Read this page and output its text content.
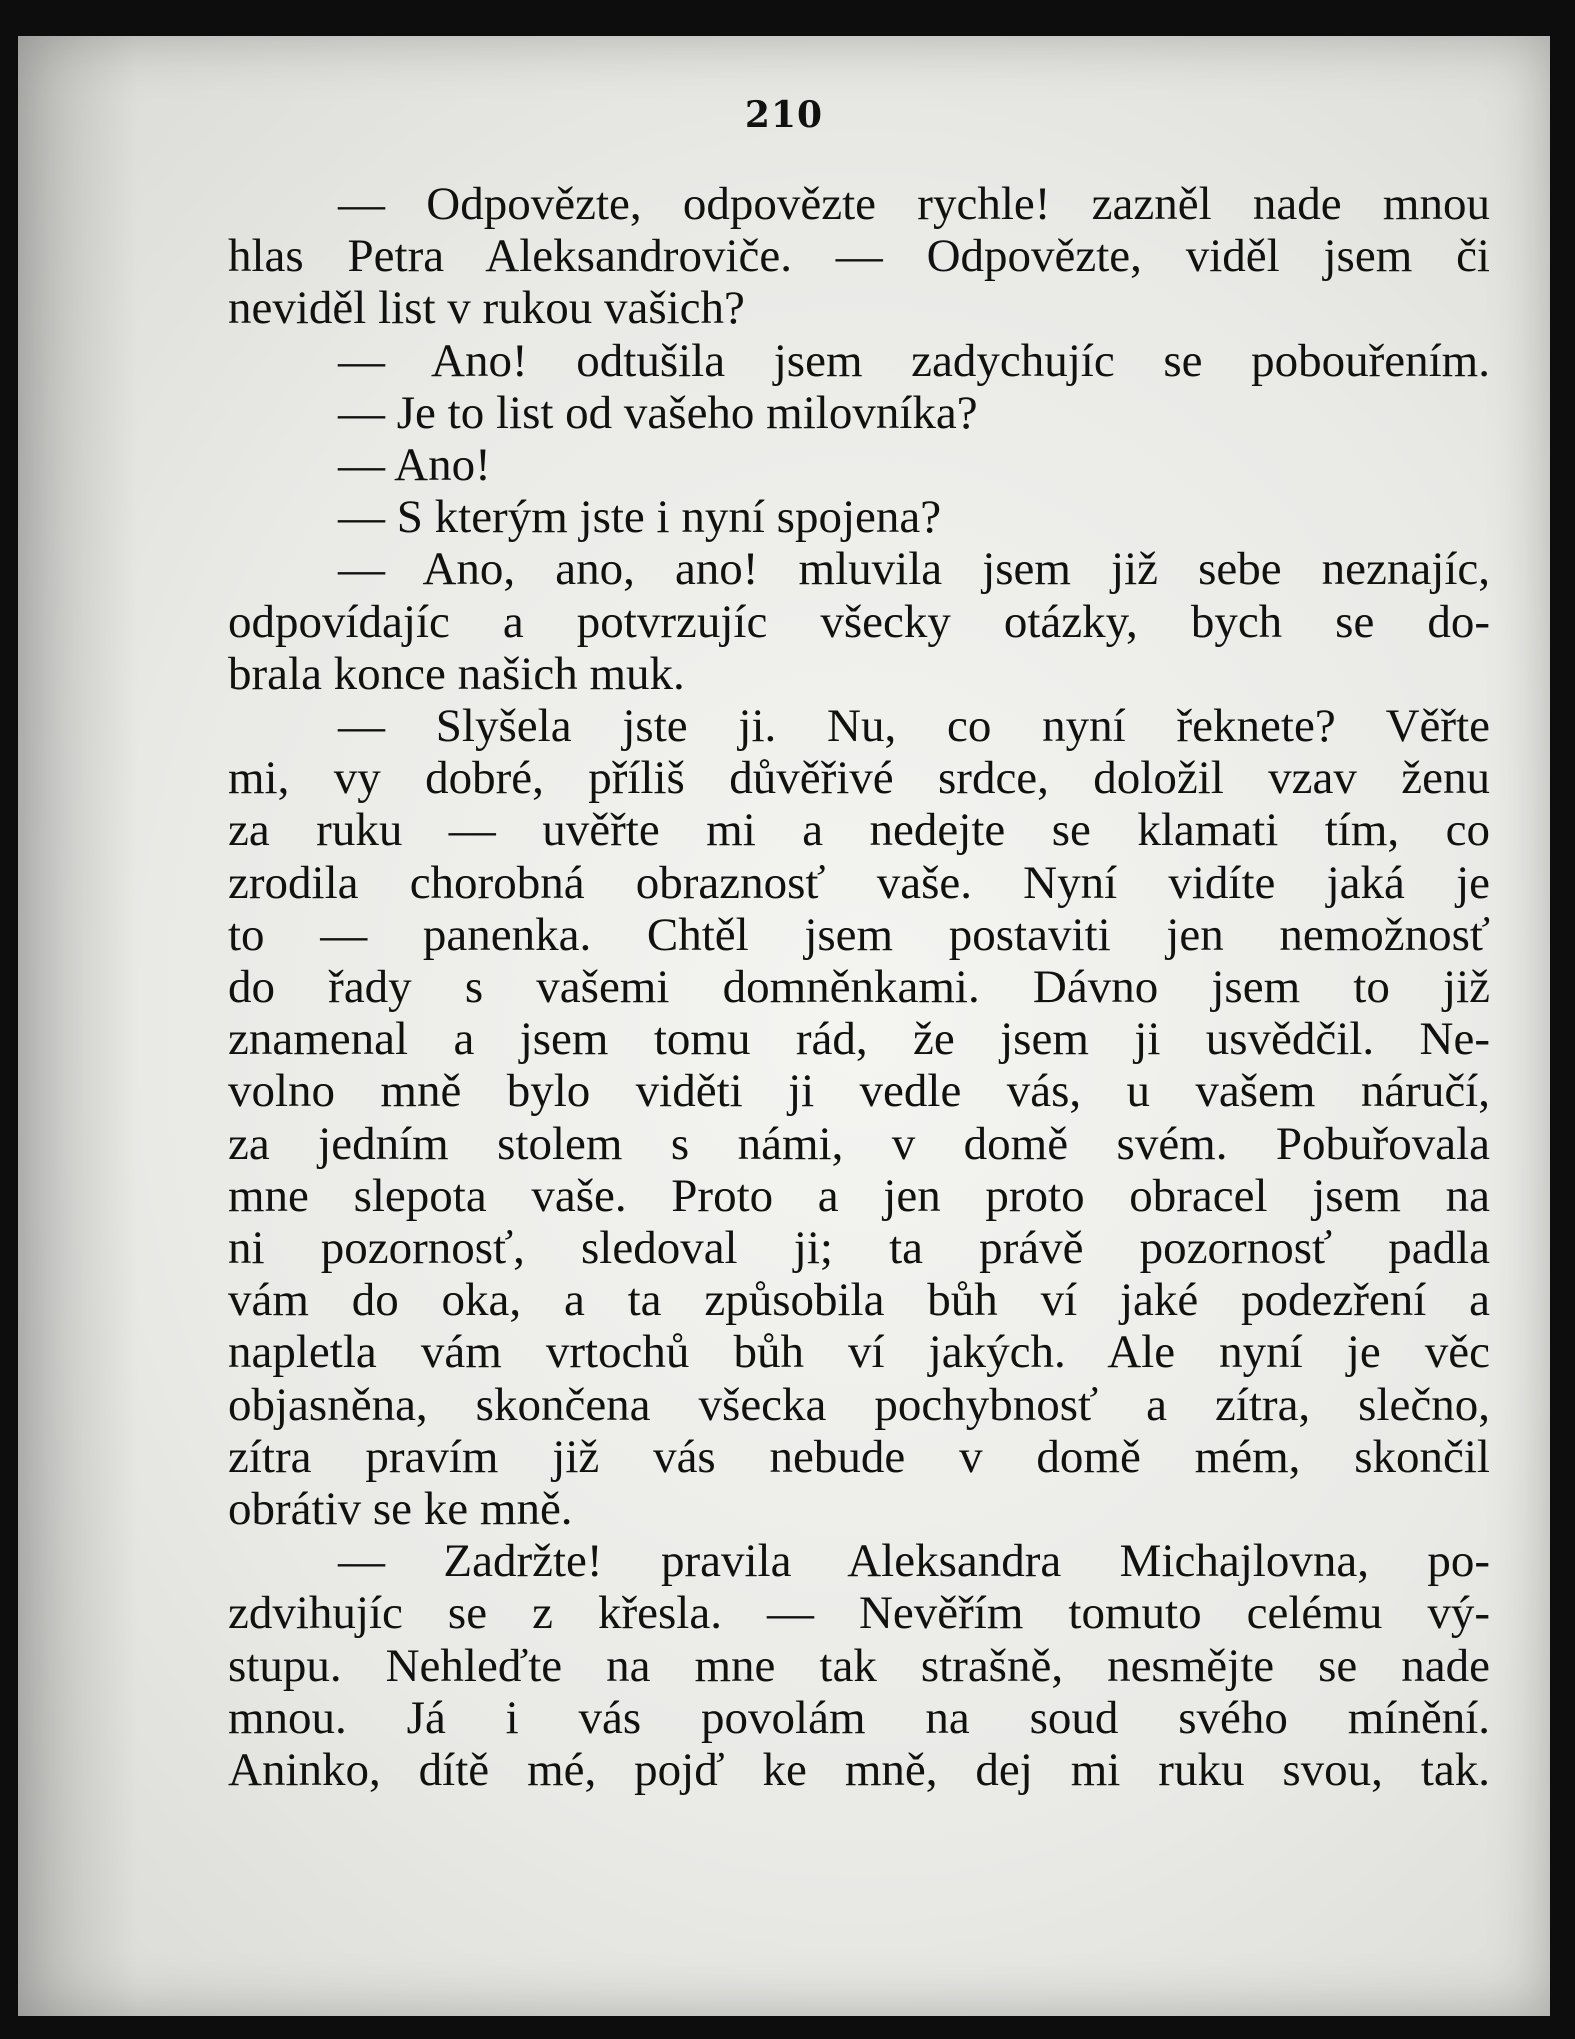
210
— Odpovězte, odpovězte rychle! zazněl nade mnou
hlas Petra Aleksandroviče. — Odpovězte, viděl jsem či
neviděl list v rukou vašich?
— Ano! odtušila jsem zadychujíc se pobouřením.
— Je to list od vašeho milovníka?
— Ano!
— S kterým jste i nyní spojena?
— Ano, ano, ano! mluvila jsem již sebe neznajíc,
odpovídajíc a potvrzujíc všecky otázky, bych se do-
brala konce našich muk.
— Slyšela jste ji. Nu, co nyní řeknete? Věřte
mi, vy dobré, příliš důvěřivé srdce, doložil vzav ženu
za ruku — uvěřte mi a nedejte se klamati tím, co
zrodila chorobná obraznosť vaše. Nyní vidíte jaká je
to — panenka. Chtěl jsem postaviti jen nemožnosť
do řady s vašemi domněnkami. Dávno jsem to již
znamenal a jsem tomu rád, že jsem ji usvědčil. Ne-
volno mně bylo viděti ji vedle vás, u vašem náručí,
za jedním stolem s námi, v domě svém. Pobuřovala
mne slepota vaše. Proto a jen proto obracel jsem na
ni pozornosť, sledoval ji; ta právě pozornosť padla
vám do oka, a ta způsobila bůh ví jaké podezření a
napletla vám vrtochů bůh ví jakých. Ale nyní je věc
objasněna, skončena všecka pochybnosť a zítra, slečno,
zítra pravím již vás nebude v domě mém, skončil
obrátiv se ke mně.
— Zadržte! pravila Aleksandra Michajlovna, po-
zdvihujíc se z křesla. — Nevěřím tomuto celému vý-
stupu. Nehleďte na mne tak strašně, nesmějte se nade
mnou. Já i vás povolám na soud svého mínění.
Aninko, dítě mé, pojď ke mně, dej mi ruku svou, tak.
